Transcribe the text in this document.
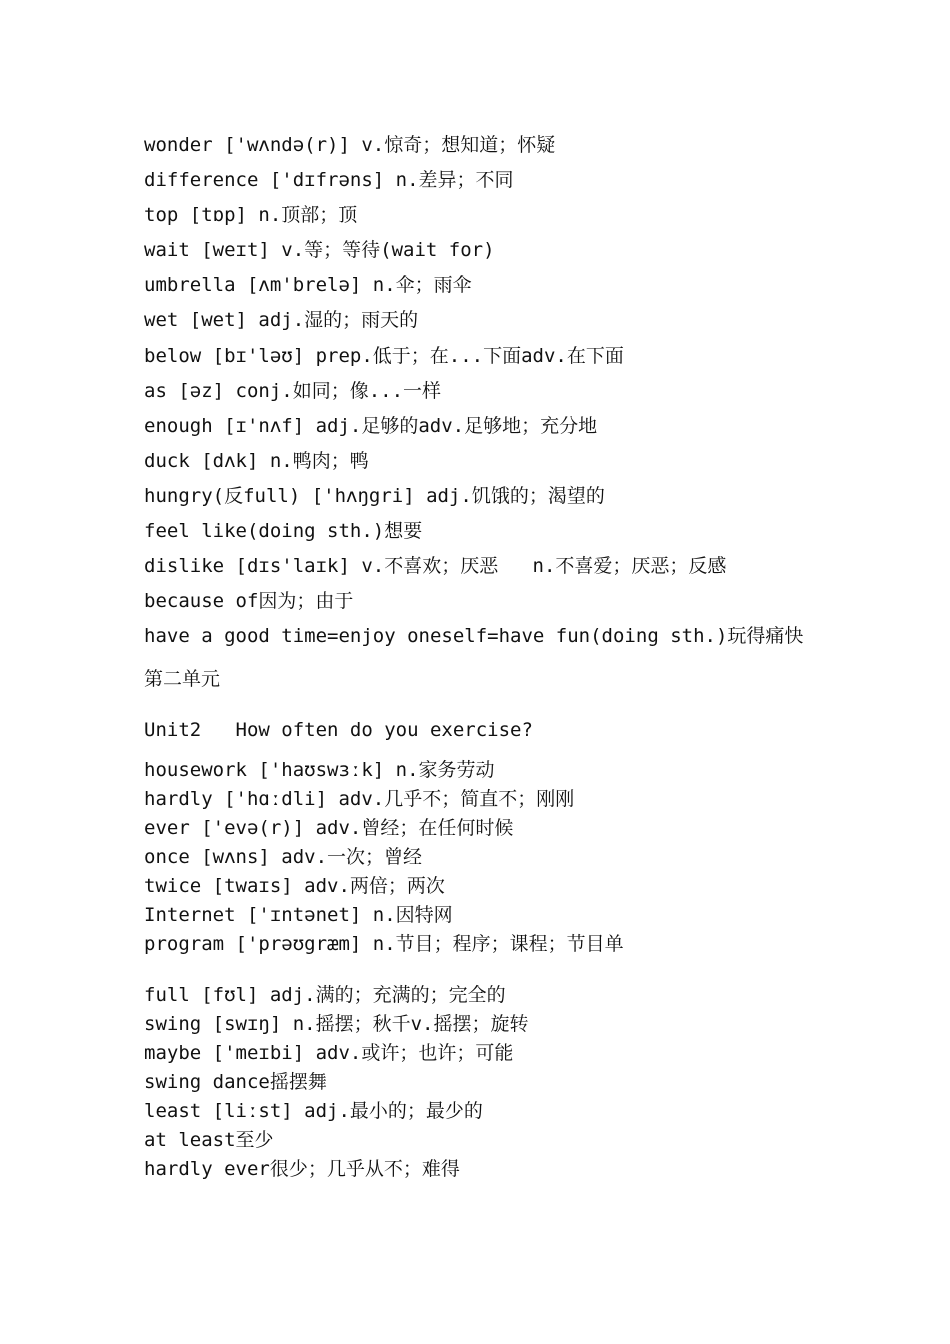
wonder ['wʌndə(r)] v.惊奇；想知道；怀疑
difference ['dɪfrəns] n.差异；不同
top [tɒp] n.顶部；顶
wait [weɪt] v.等；等待(wait for)
umbrella [ʌm'brelə] n.伞；雨伞
wet [wet] adj.湿的；雨天的
below [bɪ'ləʊ] prep.低于；在...下面adv.在下面
as [əz] conj.如同；像...一样
enough [ɪ'nʌf] adj.足够的adv.足够地；充分地
duck [dʌk] n.鸭肉；鸭
hungry(反full) ['hʌŋgri] adj.饥饿的；渴望的
feel like(doing sth.)想要
dislike [dɪs'laɪk] v.不喜欢；厌恶   n.不喜爱；厌恶；反感
because of因为；由于
have a good time=enjoy oneself=have fun(doing sth.)玩得痛快
第二单元
Unit2   How often do you exercise?
housework ['haʊswɜːk] n.家务劳动
hardly ['hɑːdli] adv.几乎不；简直不；刚刚
ever ['evə(r)] adv.曾经；在任何时候
once [wʌns] adv.一次；曾经
twice [twaɪs] adv.两倍；两次
Internet ['ɪntənet] n.因特网
program ['prəʊgræm] n.节目；程序；课程；节目单
full [fʊl] adj.满的；充满的；完全的
swing [swɪŋ] n.摇摆；秋千v.摇摆；旋转
maybe ['meɪbi] adv.或许；也许；可能
swing dance摇摆舞
least [liːst] adj.最小的；最少的
at least至少
hardly ever很少；几乎从不；难得
